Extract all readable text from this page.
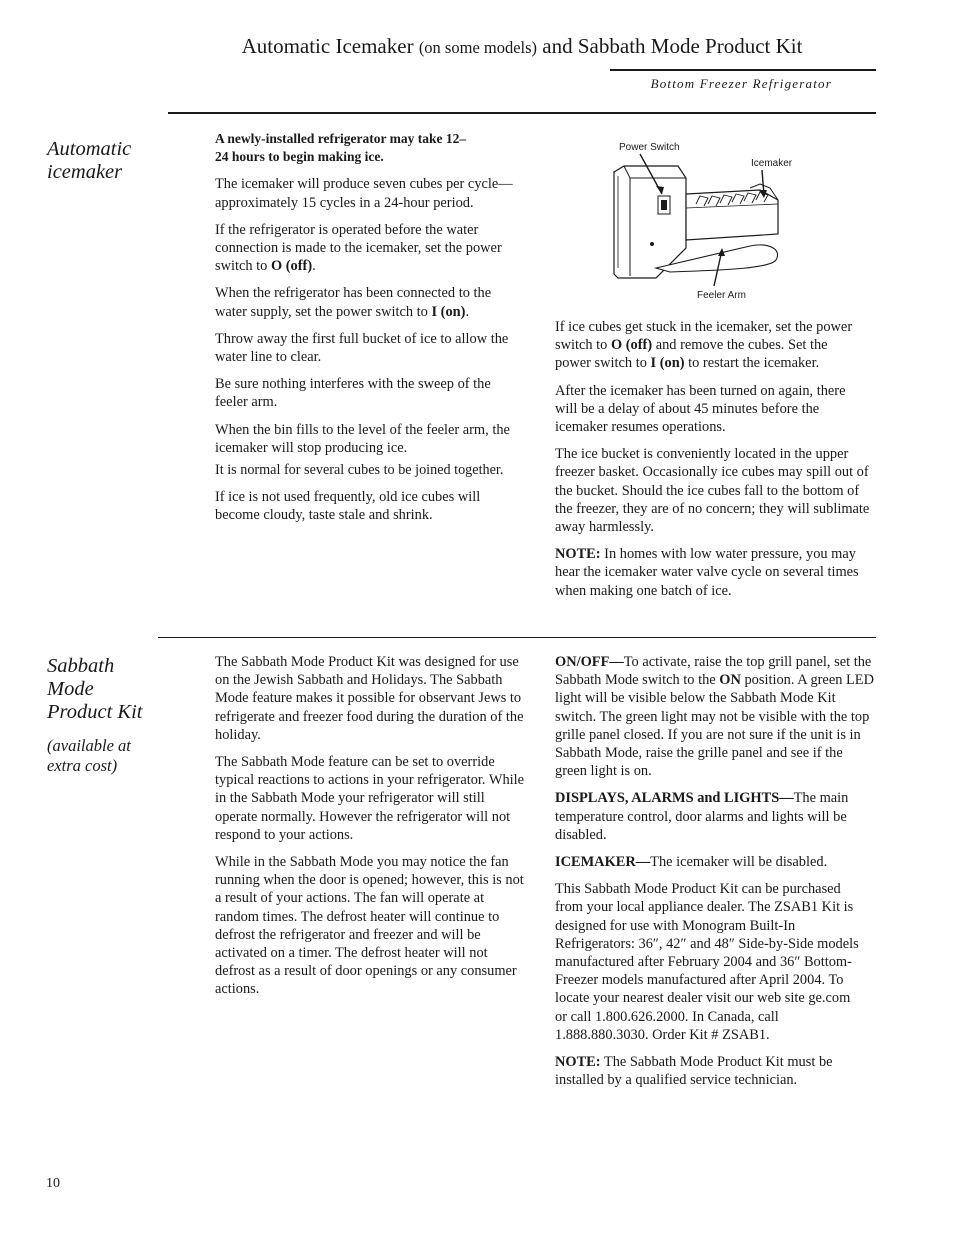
Automatic Icemaker (on some models) and Sabbath Mode Product Kit
Bottom Freezer Refrigerator
Automatic
icemaker

A newly-installed refrigerator may take 12–24 hours to begin making ice.

The icemaker will produce seven cubes per cycle—approximately 15 cycles in a 24-hour period.

If the refrigerator is operated before the water connection is made to the icemaker, set the power switch to O (off).

When the refrigerator has been connected to the water supply, set the power switch to I (on).

Throw away the first full bucket of ice to allow the water line to clear.

Be sure nothing interferes with the sweep of the feeler arm.

When the bin fills to the level of the feeler arm, the icemaker will stop producing ice.

It is normal for several cubes to be joined together.

If ice is not used frequently, old ice cubes will become cloudy, taste stale and shrink.

Power Switch
Icemaker
Feeler Arm

If ice cubes get stuck in the icemaker, set the power switch to O (off) and remove the cubes. Set the power switch to I (on) to restart the icemaker.

After the icemaker has been turned on again, there will be a delay of about 45 minutes before the icemaker resumes operations.

The ice bucket is conveniently located in the upper freezer basket. Occasionally ice cubes may spill out of the bucket. Should the ice cubes fall to the bottom of the freezer, they are of no concern; they will sublimate away harmlessly.

NOTE: In homes with low water pressure, you may hear the icemaker water valve cycle on several times when making one batch of ice.

Sabbath
Mode
Product Kit
(available at
extra cost)

The Sabbath Mode Product Kit was designed for use on the Jewish Sabbath and Holidays. The Sabbath Mode feature makes it possible for observant Jews to refrigerate and freezer food during the duration of the holiday.

The Sabbath Mode feature can be set to override typical reactions to actions in your refrigerator. While in the Sabbath Mode your refrigerator will still operate normally. However the refrigerator will not respond to your actions.

While in the Sabbath Mode you may notice the fan running when the door is opened; however, this is not a result of your actions. The fan will operate at random times. The defrost heater will continue to defrost the refrigerator and freezer and will be activated on a timer. The defrost heater will not defrost as a result of door openings or any consumer actions.

ON/OFF—To activate, raise the top grill panel, set the Sabbath Mode switch to the ON position. A green LED light will be visible below the Sabbath Mode Kit switch. The green light may not be visible with the top grille panel closed. If you are not sure if the unit is in Sabbath Mode, raise the grille panel and see if the green light is on.

DISPLAYS, ALARMS and LIGHTS—The main temperature control, door alarms and lights will be disabled.

ICEMAKER—The icemaker will be disabled.

This Sabbath Mode Product Kit can be purchased from your local appliance dealer. The ZSAB1 Kit is designed for use with Monogram Built-In Refrigerators: 36″, 42″ and 48″ Side-by-Side models manufactured after February 2004 and 36″ Bottom-Freezer models manufactured after April 2004. To locate your nearest dealer visit our web site ge.com or call 1.800.626.2000. In Canada, call 1.888.880.3030. Order Kit # ZSAB1.

NOTE: The Sabbath Mode Product Kit must be installed by a qualified service technician.

10
